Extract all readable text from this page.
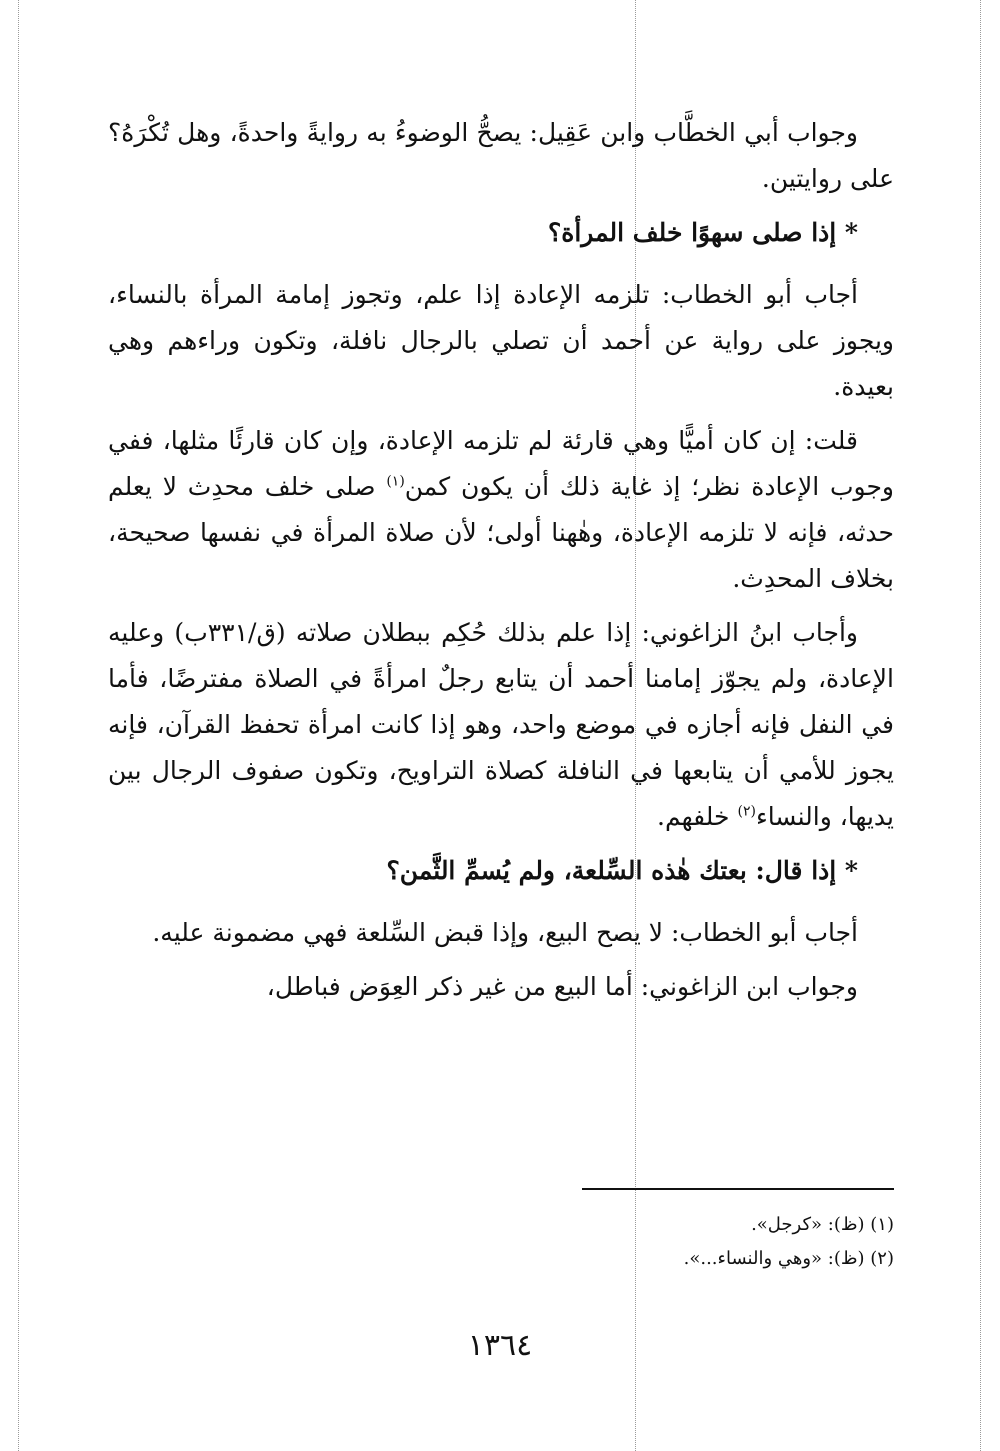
وجواب أبي الخطَّاب وابن عَقِيل: يصحُّ الوضوءُ به روايةً واحدةً، وهل تُكْرَهُ؟ على روايتين.

* إذا صلى سهوًا خلف المرأة؟

أجاب أبو الخطاب: تلزمه الإعادة إذا علم، وتجوز إمامة المرأة بالنساء، ويجوز على رواية عن أحمد أن تصلي بالرجال نافلة، وتكون وراءهم وهي بعيدة.

قلت: إن كان أميًّا وهي قارئة لم تلزمه الإعادة، وإن كان قارئًا مثلها، ففي وجوب الإعادة نظر؛ إذ غاية ذلك أن يكون كمن$^{(١)}$ صلى خلف محدِث لا يعلم حدثه، فإنه لا تلزمه الإعادة، وهٰهنا أولى؛ لأن صلاة المرأة في نفسها صحيحة، بخلاف المحدِث.

وأجاب ابنُ الزاغوني: إذا علم بذلك حُكِم ببطلان صلاته (ق/٣٣١ب) وعليه الإعادة، ولم يجوّز إمامنا أحمد أن يتابع رجلٌ امرأةً في الصلاة مفترضًا، فأما في النفل فإنه أجازه في موضع واحد، وهو إذا كانت امرأة تحفظ القرآن، فإنه يجوز للأمي أن يتابعها في النافلة كصلاة التراويح، وتكون صفوف الرجال بين يديها، والنساء$^{(٢)}$ خلفهم.

* إذا قال: بعتك هٰذه السِّلعة، ولم يُسمِّ الثَّمن؟

أجاب أبو الخطاب: لا يصح البيع، وإذا قبض السِّلعة فهي مضمونة عليه.

وجواب ابن الزاغوني: أما البيع من غير ذكر العِوَض فباطل،

(١) (ظ): «كرجل».
(٢) (ظ): «وهي والنساء...».
١٣٦٤
